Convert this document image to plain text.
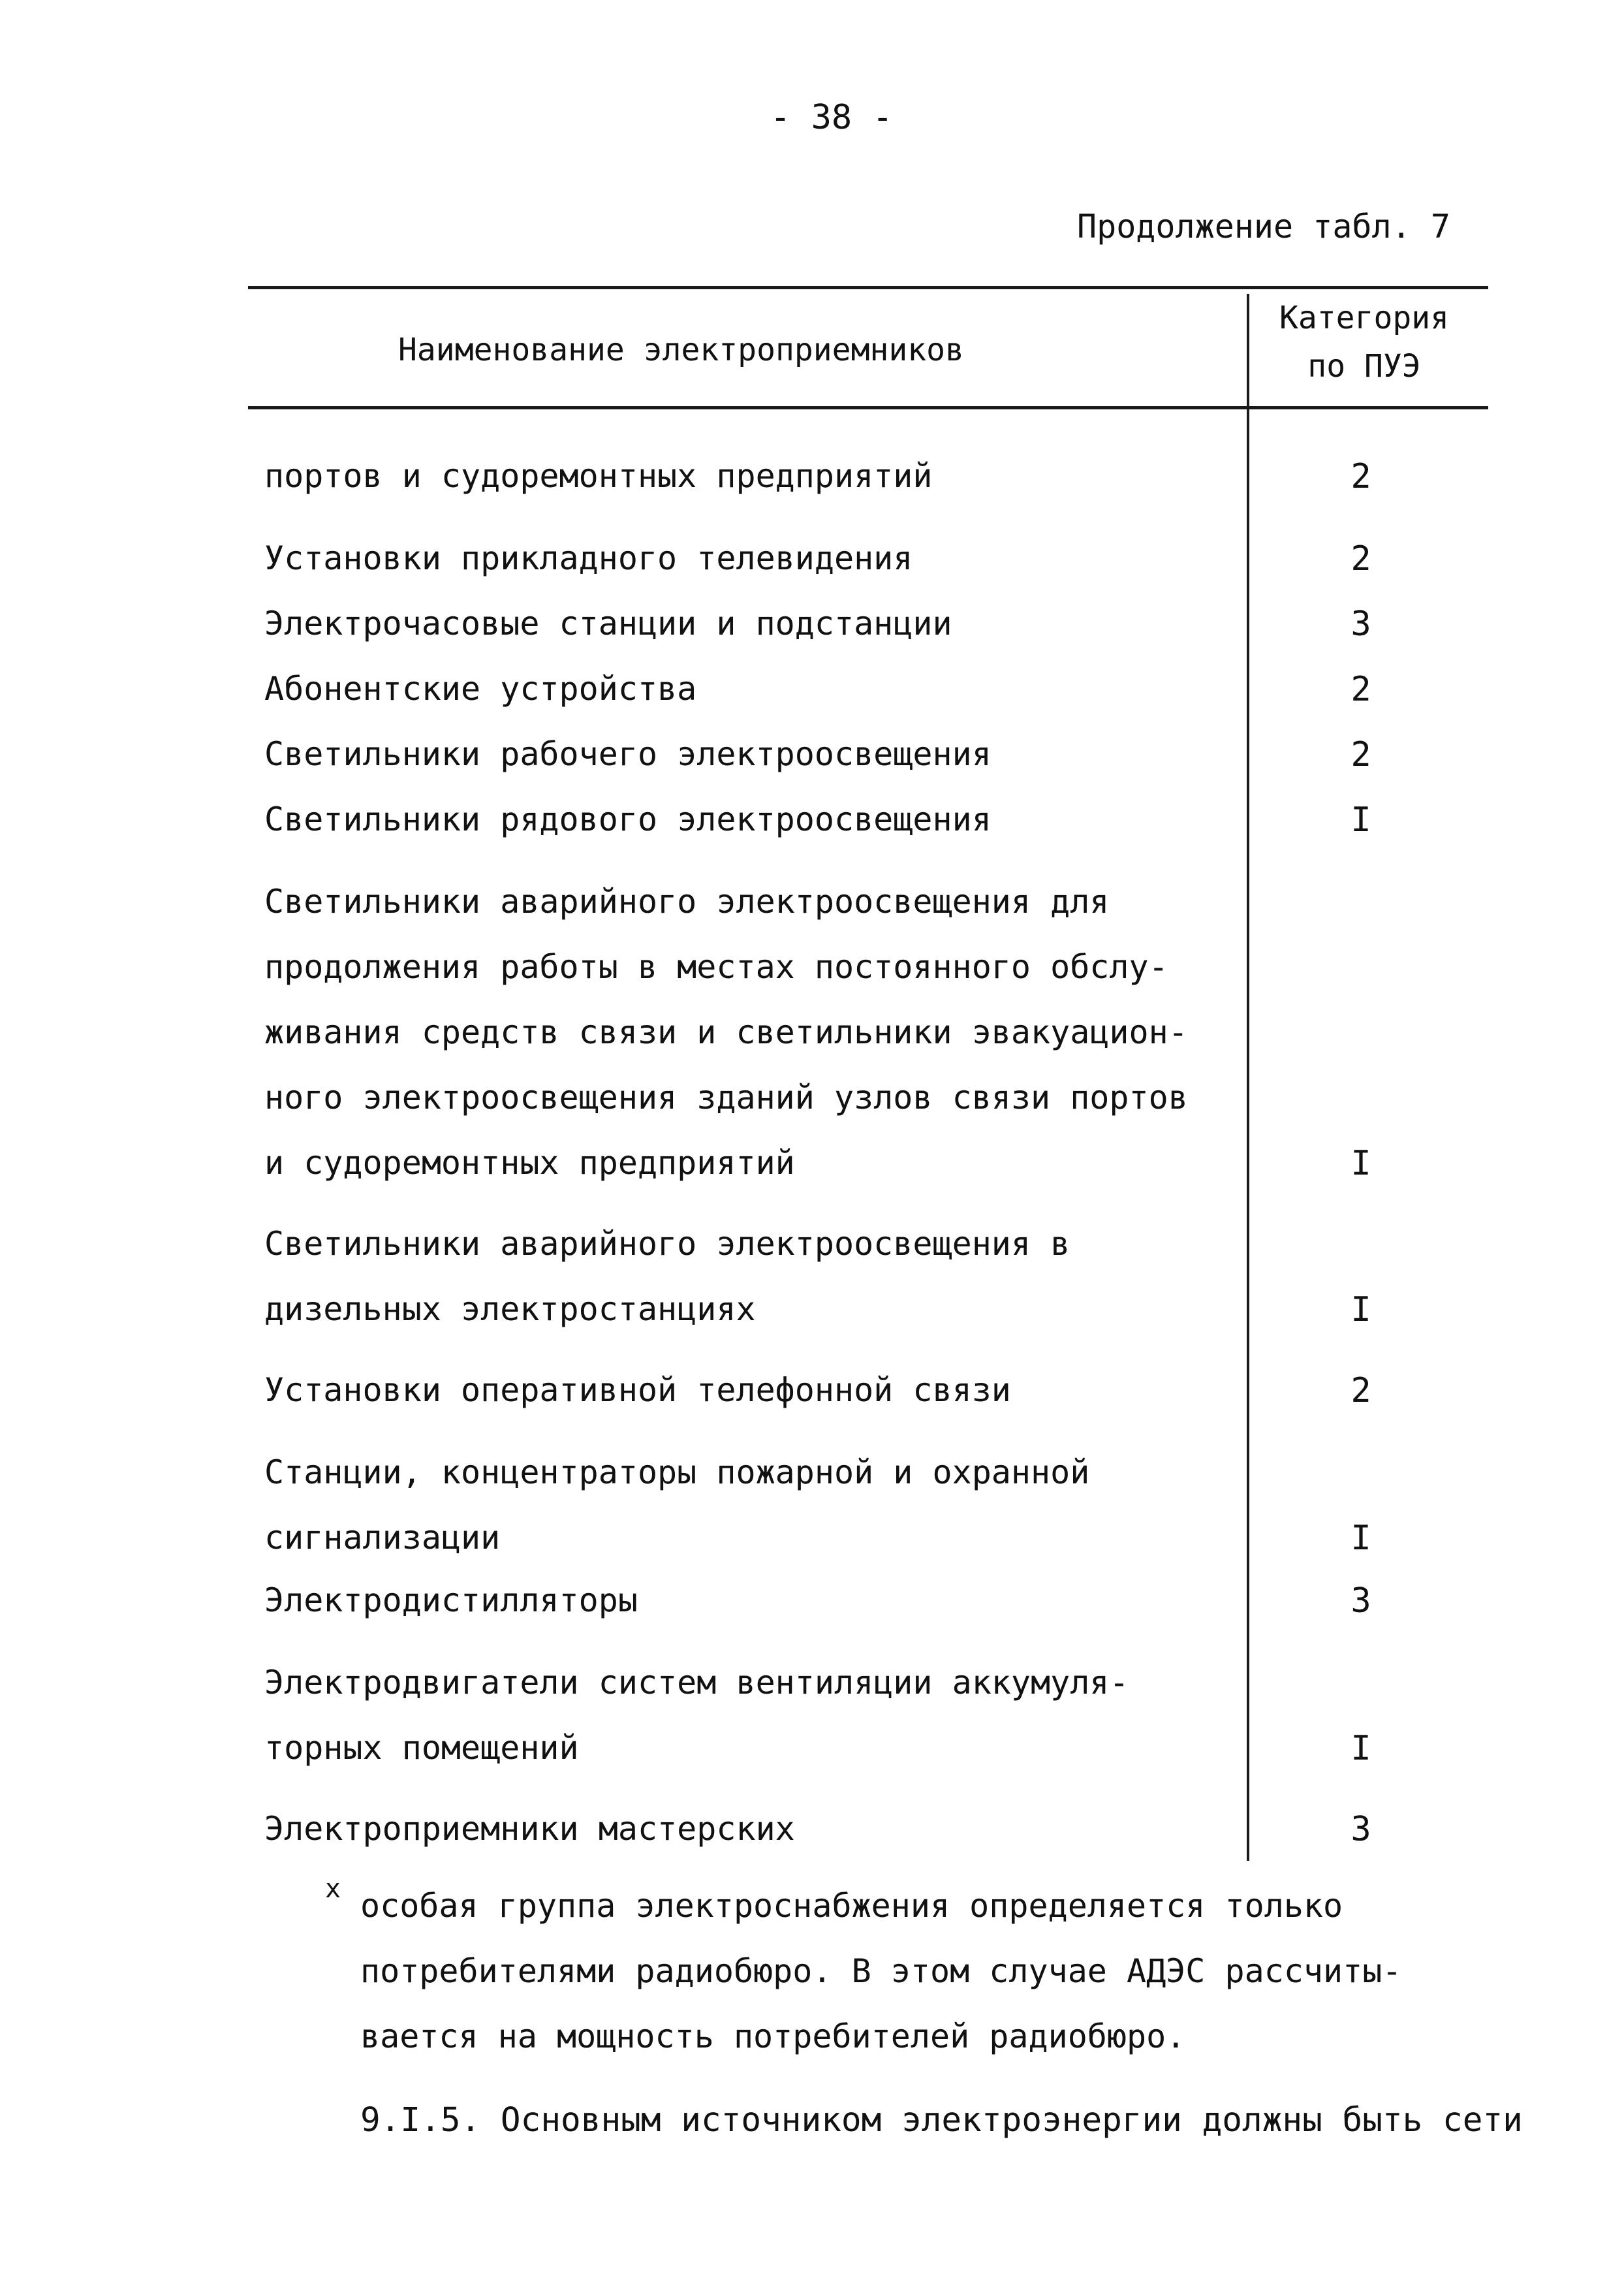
- 38 -
Продолжение табл. 7
Наименование электроприемников
Категория
по ПУЭ
портов и судоремонтных предприятий	2
Установки прикладного телевидения	2
Электрочасовые станции и подстанции	3
Абонентские устройства	2
Светильники рабочего электроосвещения	2
Светильники рядового электроосвещения	I
Светильники аварийного электроосвещения для
продолжения работы в местах постоянного обслу-
живания средств связи и светильники эвакуацион-
ного электроосвещения зданий узлов связи портов
и судоремонтных предприятий	I
Светильники аварийного электроосвещения в
дизельных электростанциях	I
Установки оперативной телефонной связи	2
Станции, концентраторы пожарной и охранной
сигнализации	I
Электродистилляторы	3
Электродвигатели систем вентиляции аккумуля-
торных помещений	I
Электроприемники мастерских	3
x особая группа электроснабжения определяется только
потребителями радиобюро. В этом случае АДЭС рассчиты-
вается на мощность потребителей радиобюро.
9.I.5. Основным источником электроэнергии должны быть сети
